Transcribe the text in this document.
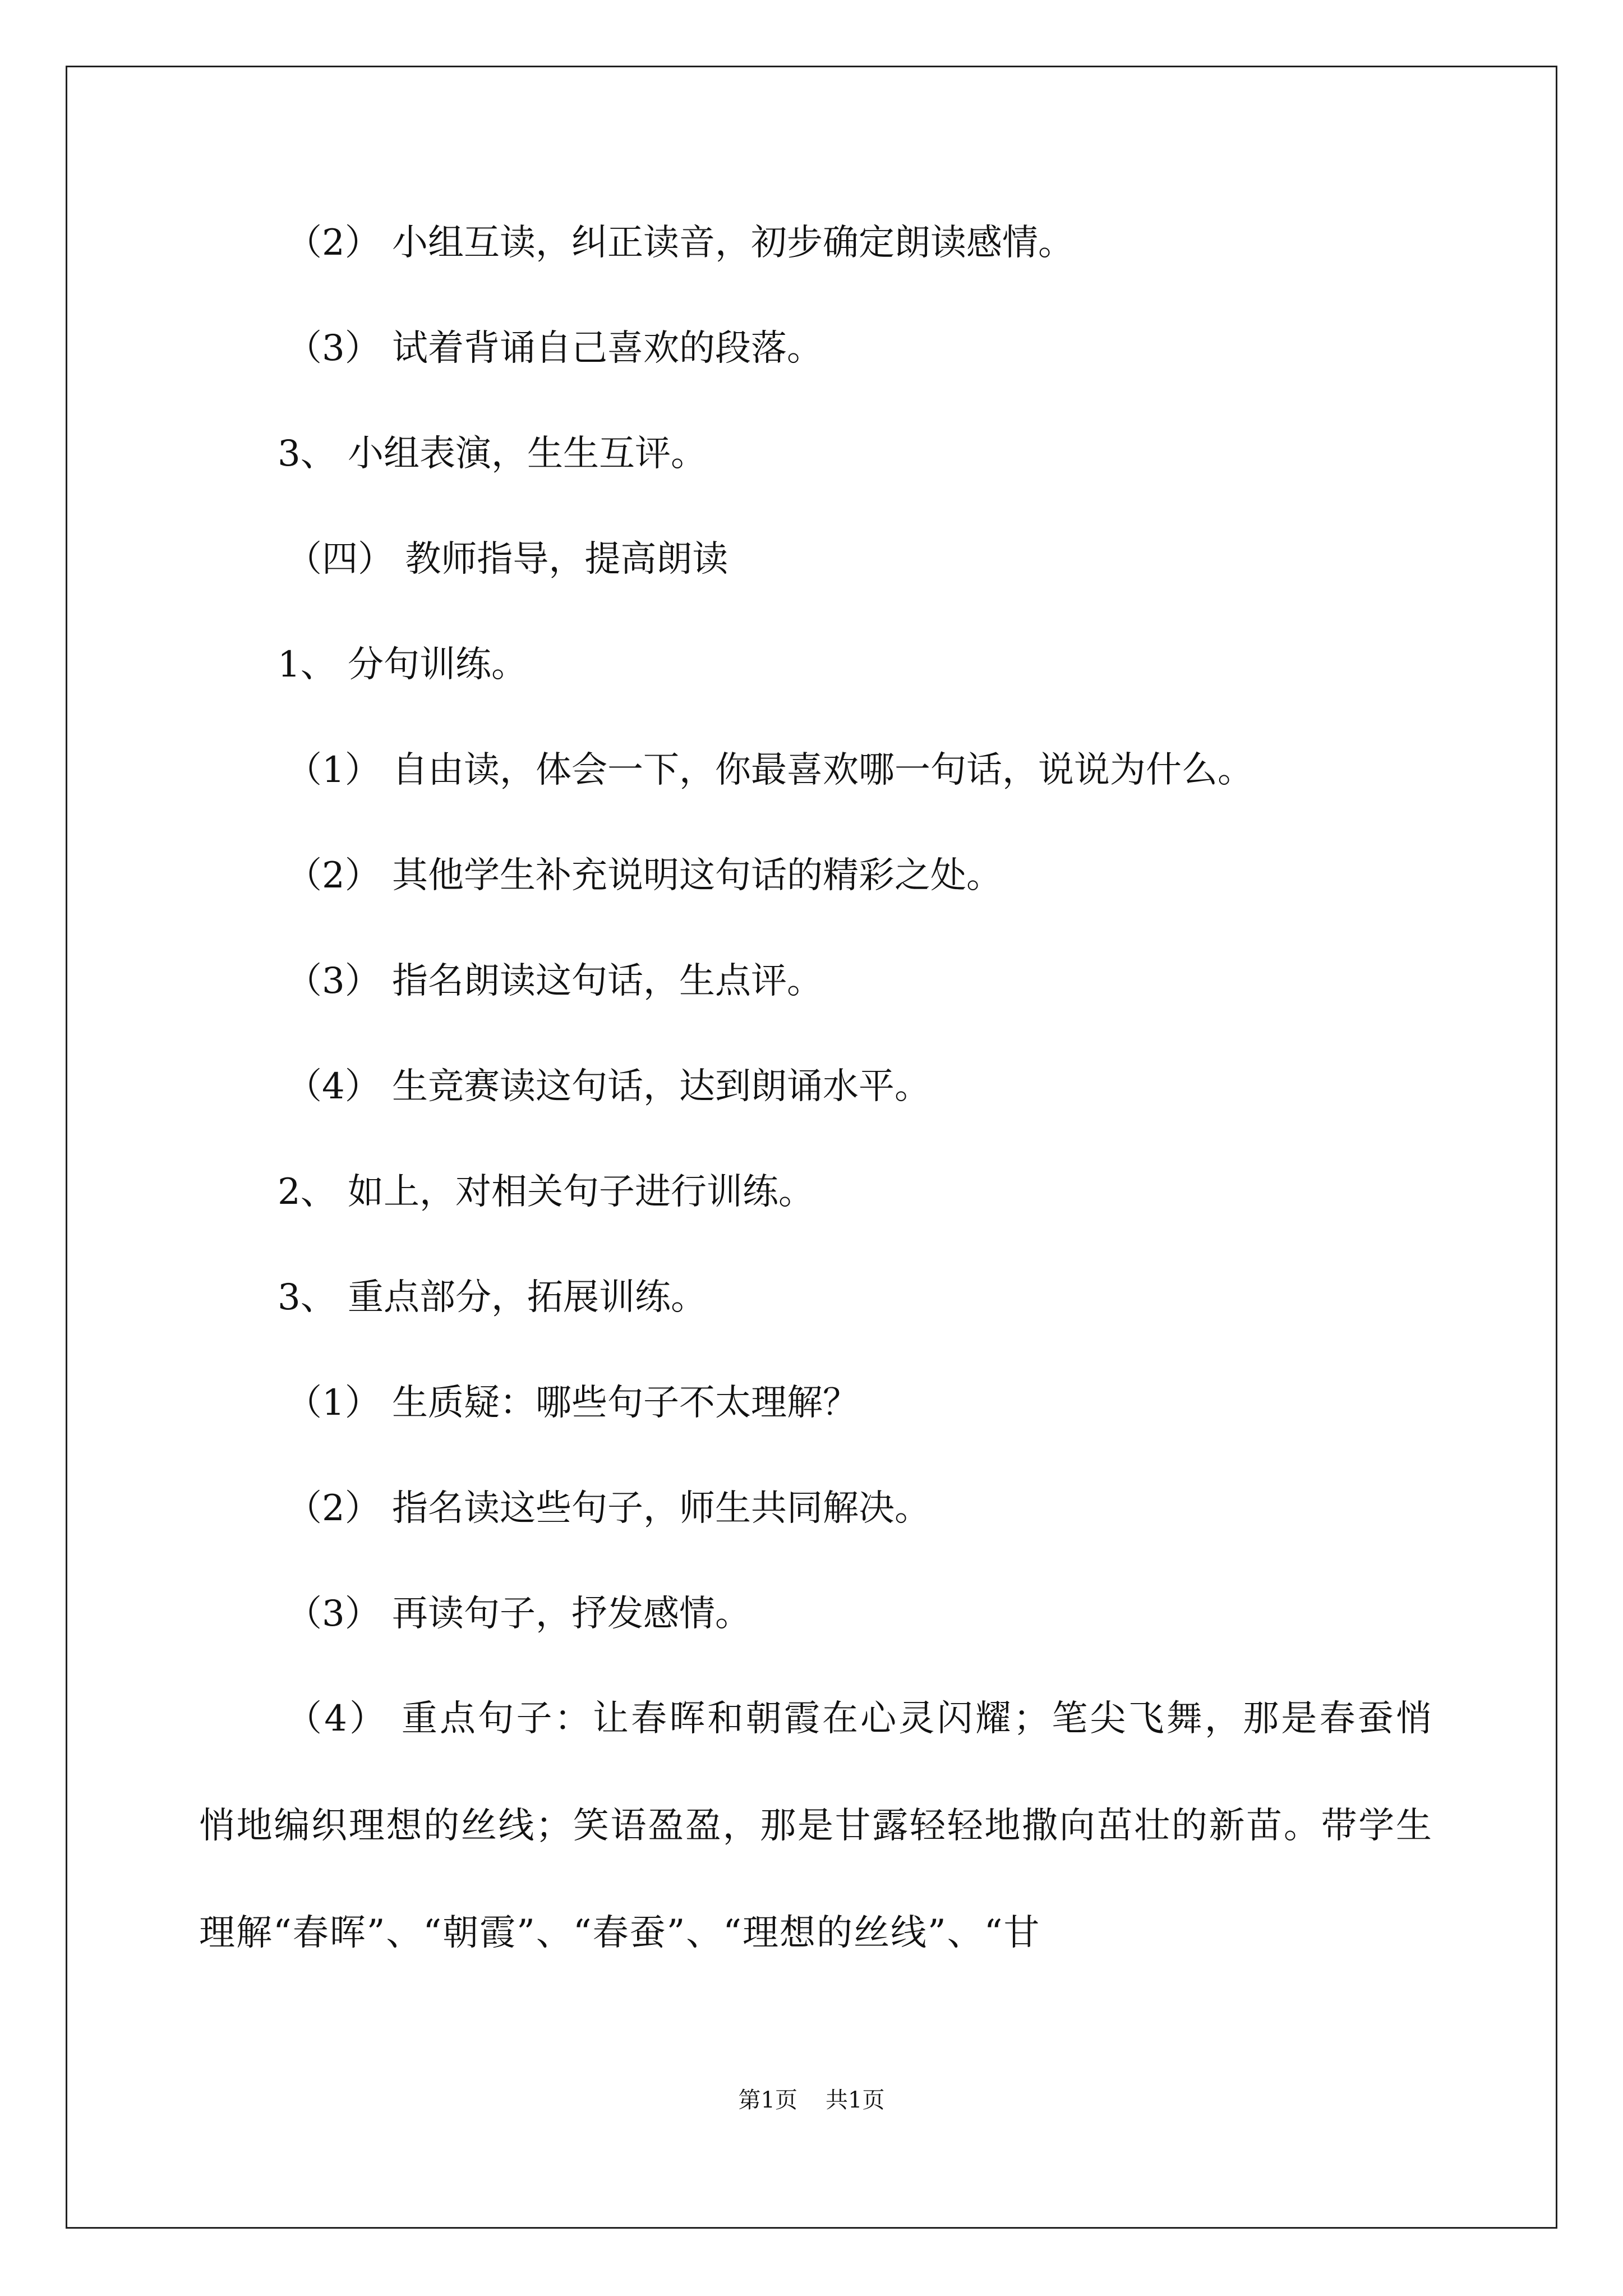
（2） 小组互读，纠正读音，初步确定朗读感情。
（3） 试着背诵自己喜欢的段落。
3、 小组表演，生生互评。
（四） 教师指导，提高朗读
1、 分句训练。
（1） 自由读，体会一下，你最喜欢哪一句话，说说为什么。
（2） 其他学生补充说明这句话的精彩之处。
（3） 指名朗读这句话，生点评。
（4） 生竞赛读这句话，达到朗诵水平。
2、 如上，对相关句子进行训练。
3、 重点部分，拓展训练。
（1） 生质疑：哪些句子不太理解？
（2） 指名读这些句子，师生共同解决。
（3） 再读句子，抒发感情。
（4） 重点句子：让春晖和朝霞在心灵闪耀；笔尖飞舞，那是春蚕悄悄地编织理想的丝线；笑语盈盈，那是甘露轻轻地撒向茁壮的新苗。带学生理解“春晖”、“朝霞”、“春蚕”、“理想的丝线”、“甘
第1页 共1页
